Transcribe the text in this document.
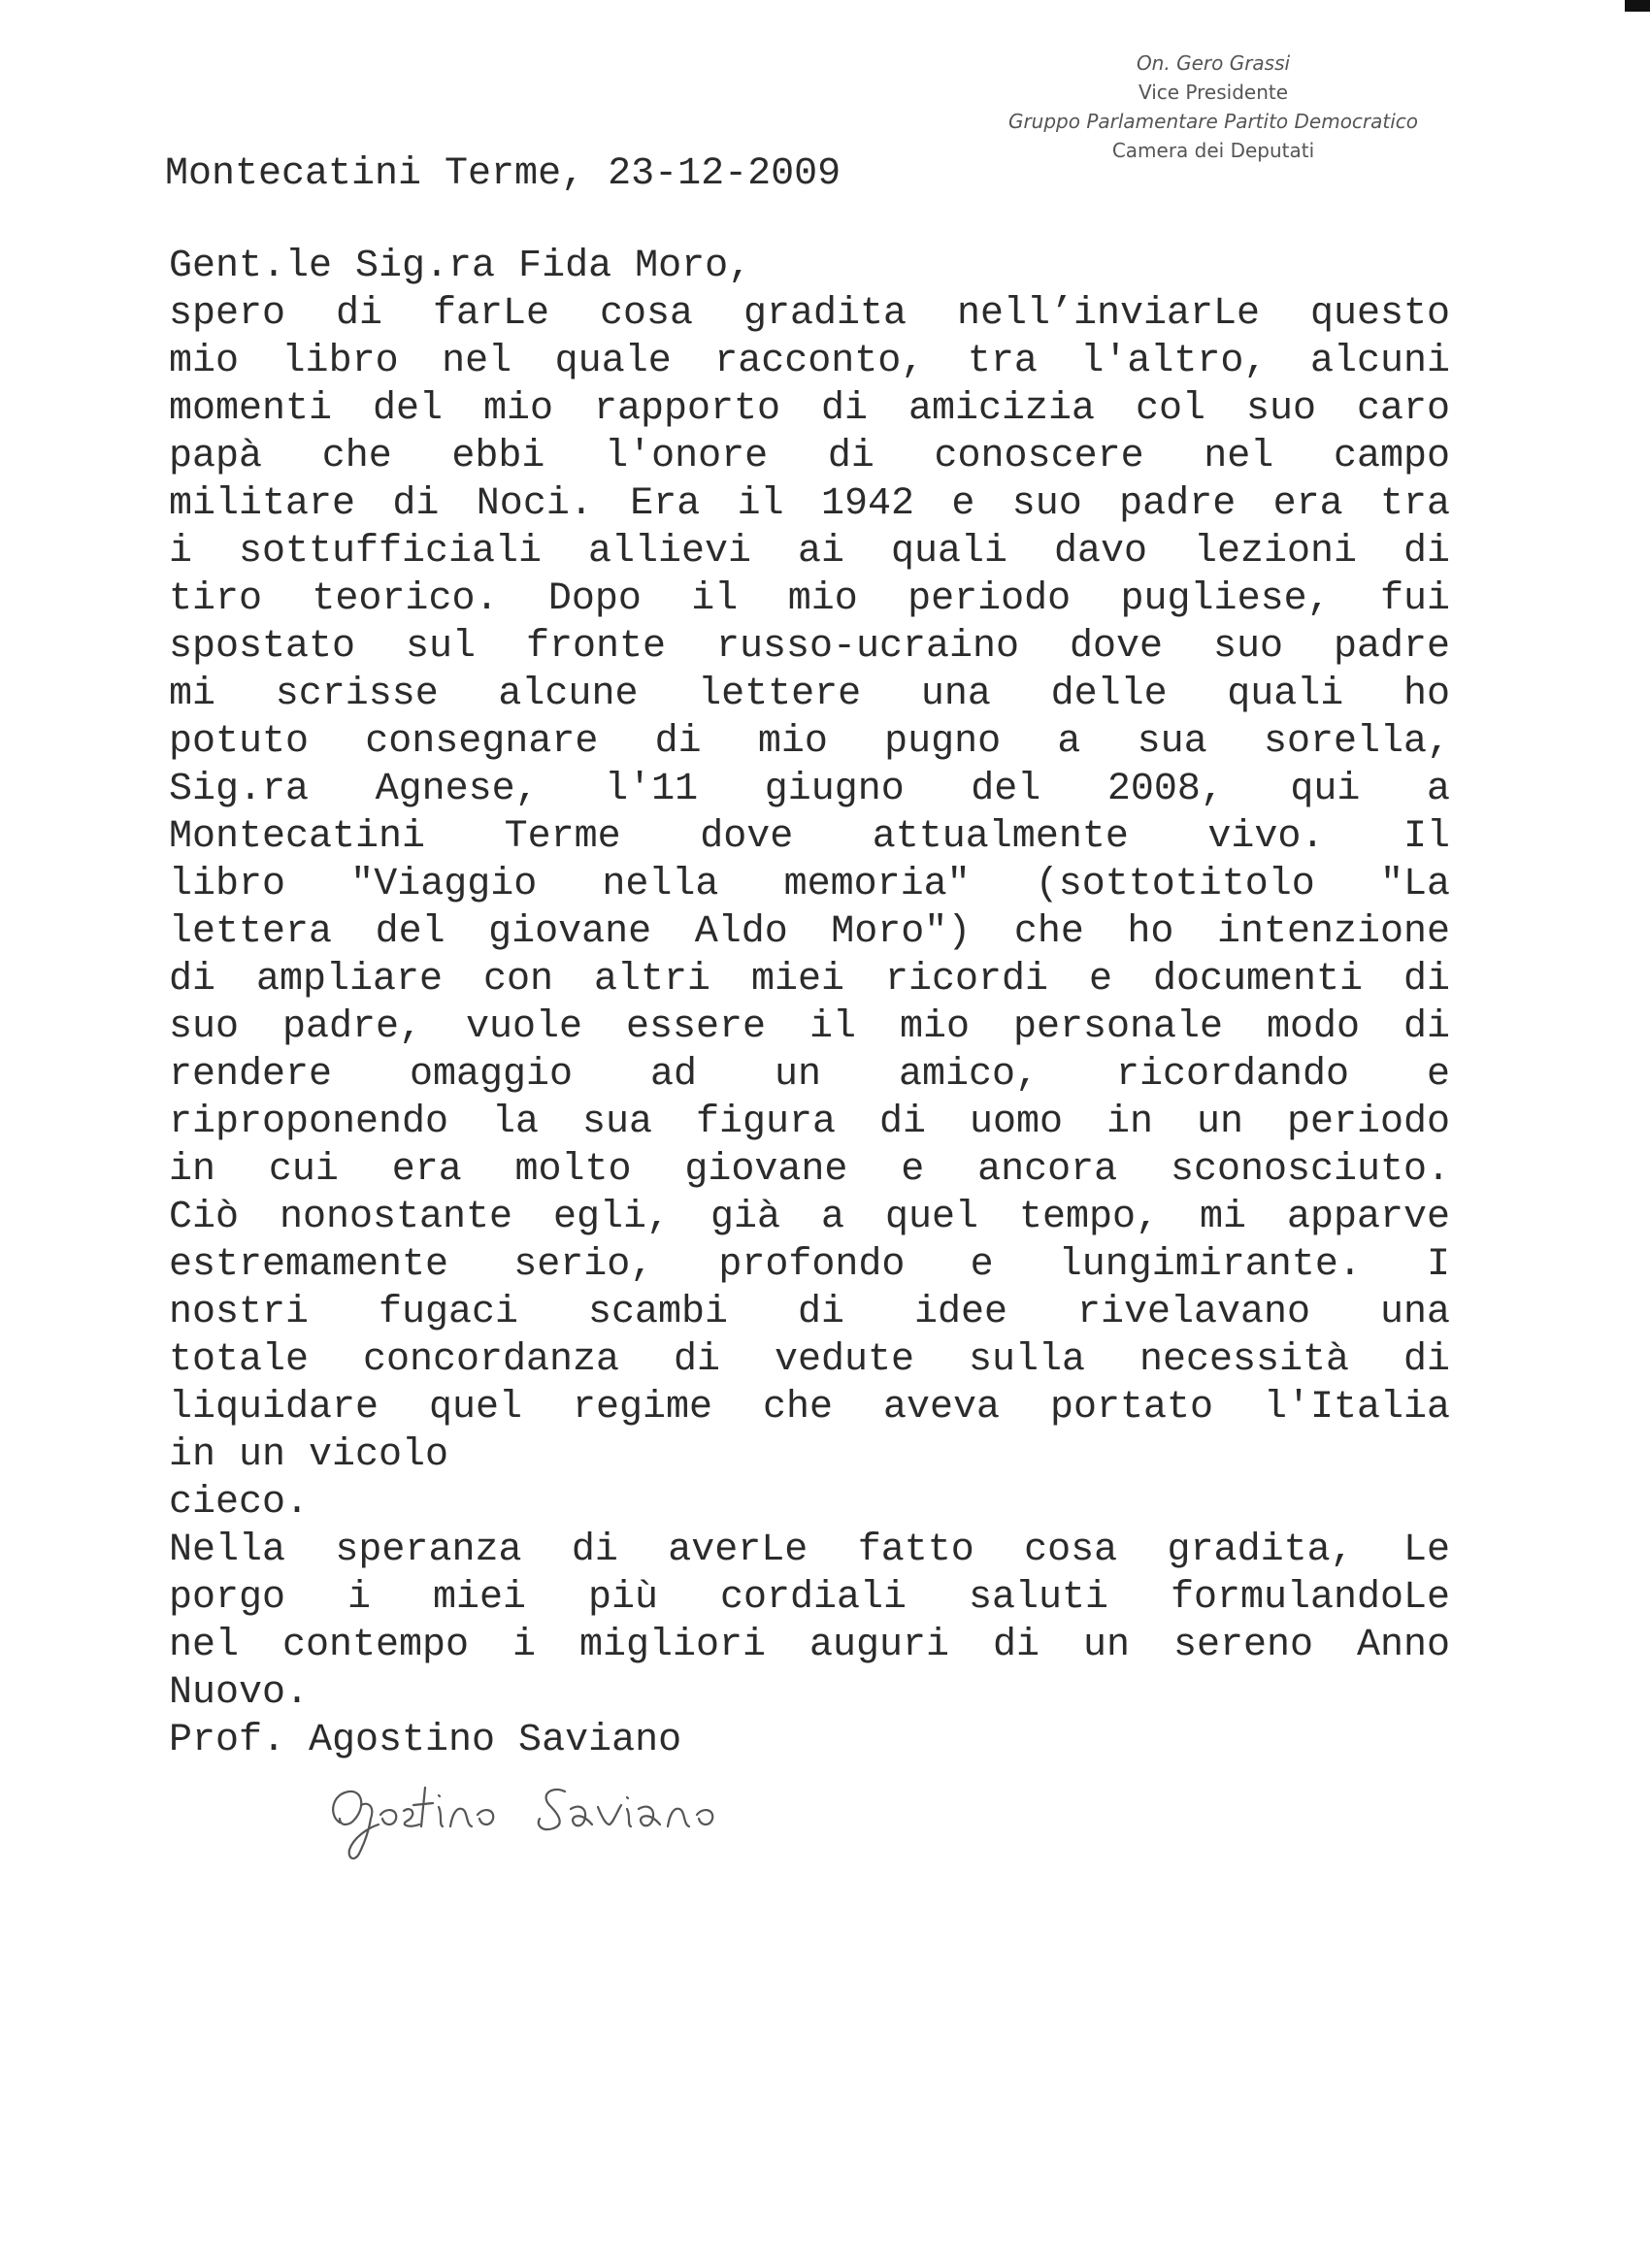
On. Gero Grassi
Vice Presidente
Gruppo Parlamentare Partito Democratico
Camera dei Deputati
Montecatini Terme, 23-12-2009
Gent.le Sig.ra Fida Moro,
spero di farLe cosa gradita nell’inviarLe questo
mio libro nel quale racconto, tra l'altro, alcuni
momenti del mio rapporto di amicizia col suo caro
papà che ebbi l'onore di conoscere nel campo
militare di Noci. Era il 1942 e suo padre era tra
i sottufficiali allievi ai quali davo lezioni di
tiro teorico. Dopo il mio periodo pugliese, fui
spostato sul fronte russo-ucraino dove suo padre
mi scrisse alcune lettere una delle quali ho
potuto consegnare di mio pugno a sua sorella,
Sig.ra Agnese, l'11 giugno del 2008, qui a
Montecatini Terme dove attualmente vivo. Il
libro "Viaggio nella memoria" (sottotitolo "La
lettera del giovane Aldo Moro") che ho intenzione
di ampliare con altri miei ricordi e documenti di
suo padre, vuole essere il mio personale modo di
rendere omaggio ad un amico, ricordando e
riproponendo la sua figura di uomo in un periodo
in cui era molto giovane e ancora sconosciuto.
Ciò nonostante egli, già a quel tempo, mi apparve
estremamente serio, profondo e lungimirante. I
nostri fugaci scambi di idee rivelavano una
totale concordanza di vedute sulla necessità di
liquidare quel regime che aveva portato l'Italia
in un vicolo
cieco.
Nella speranza di averLe fatto cosa gradita, Le
porgo i miei più cordiali saluti formulandoLe
nel contempo i migliori auguri di un sereno Anno
Nuovo.
Prof. Agostino Saviano
